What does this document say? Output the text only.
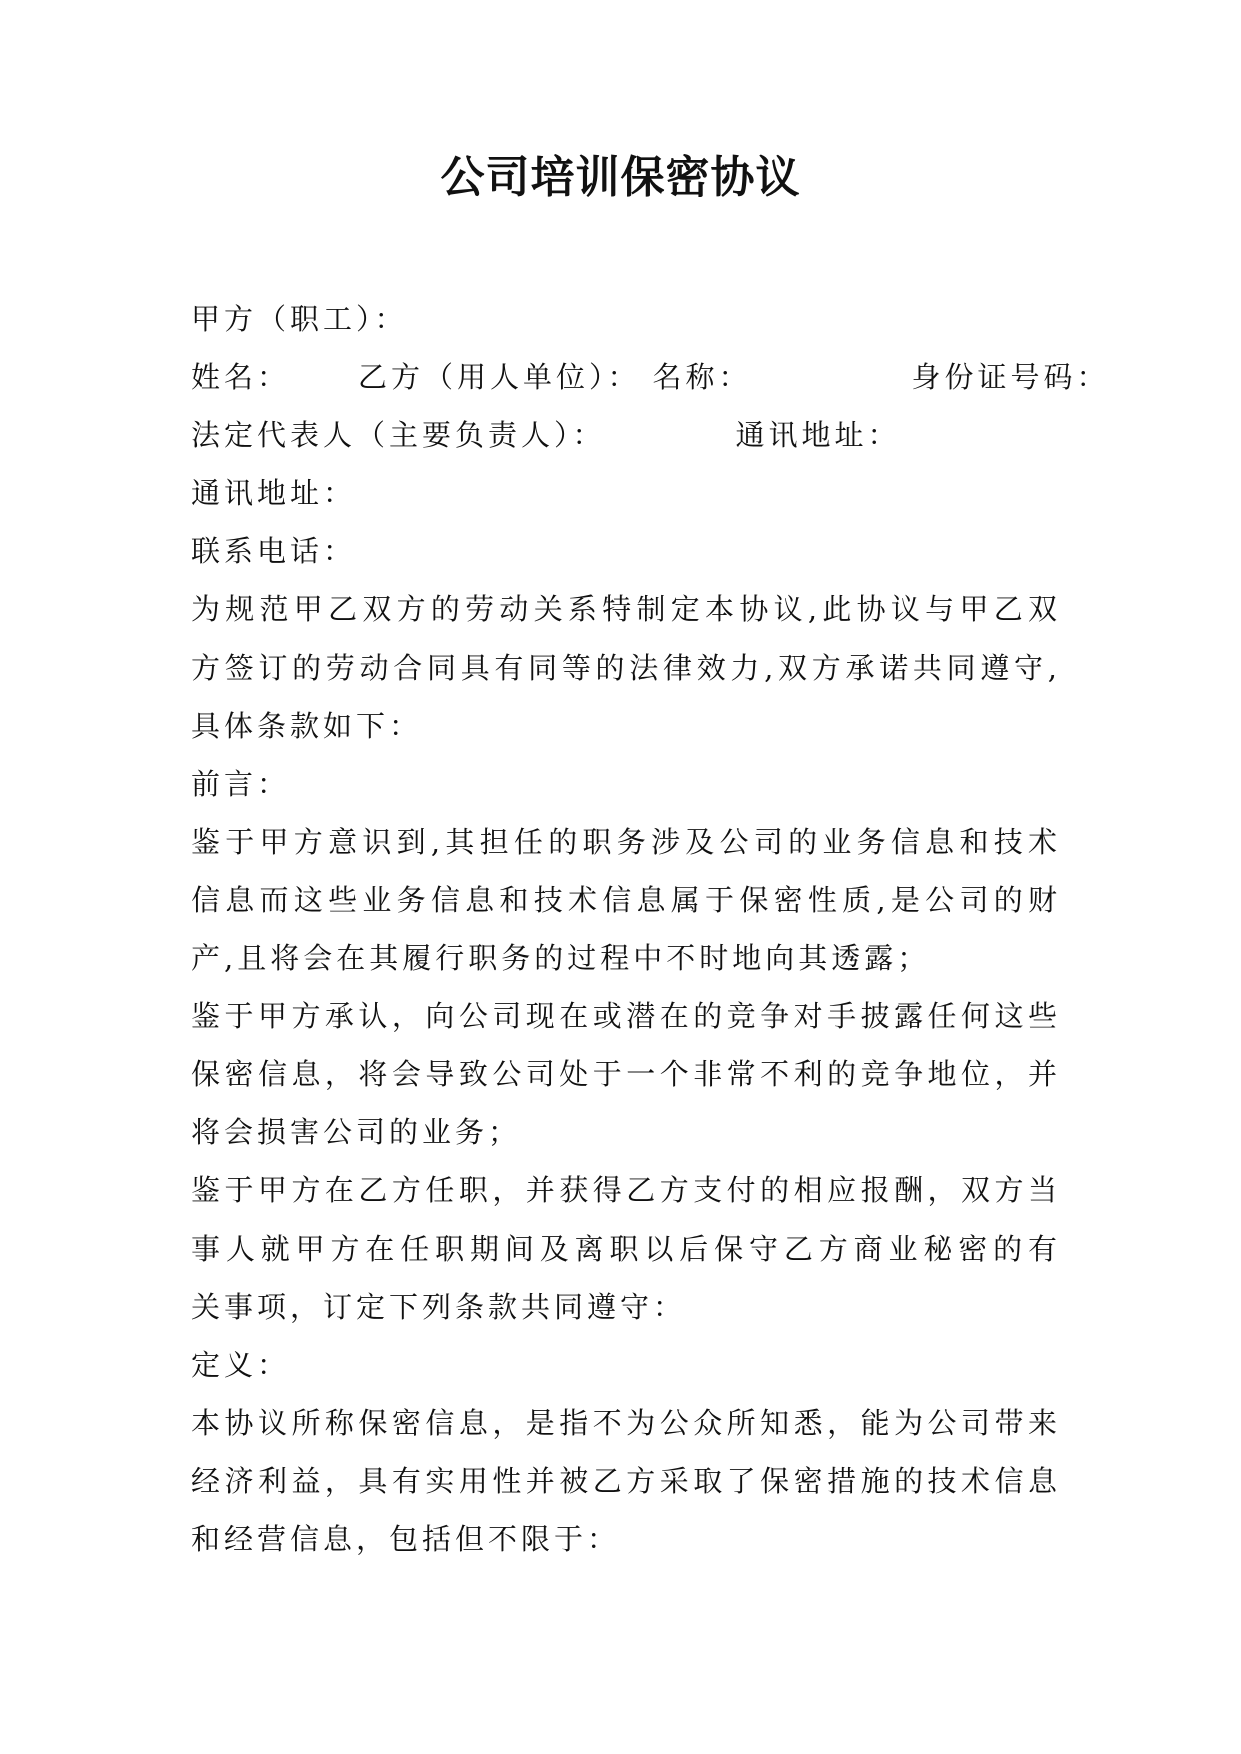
公司培训保密协议
甲方（职工）：
姓名： 乙方（用人单位）： 名称：	身份证号码：
法定代表人（主要负责人）：	通讯地址：
通讯地址：
联系电话：
为规范甲乙双方的劳动关系特制定本协议,此协议与甲乙双
方签订的劳动合同具有同等的法律效力,双方承诺共同遵守,
具体条款如下：
前言：
鉴于甲方意识到,其担任的职务涉及公司的业务信息和技术
信息而这些业务信息和技术信息属于保密性质,是公司的财
产,且将会在其履行职务的过程中不时地向其透露；
鉴于甲方承认，向公司现在或潜在的竞争对手披露任何这些
保密信息，将会导致公司处于一个非常不利的竞争地位，并
将会损害公司的业务；
鉴于甲方在乙方任职，并获得乙方支付的相应报酬，双方当
事人就甲方在任职期间及离职以后保守乙方商业秘密的有
关事项，订定下列条款共同遵守：
定义：
本协议所称保密信息，是指不为公众所知悉，能为公司带来
经济利益，具有实用性并被乙方采取了保密措施的技术信息
和经营信息，包括但不限于：
